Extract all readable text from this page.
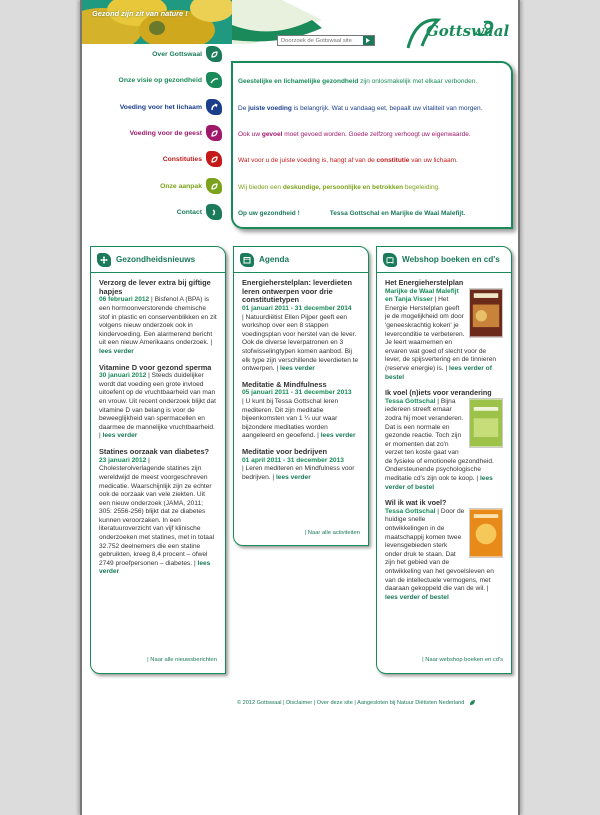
Gezond zijn zit van nature !
Doorzoek de Gottswaal site
Gottswaal
Over Gottswaal
Onze visie op gezondheid
Voeding voor het lichaam
Voeding voor de geest
Constituties
Onze aanpak
Contact
Geestelijke en lichamelijke gezondheid zijn onlosmakelijk met elkaar verbonden.
De juiste voeding is belangrijk. Wat u vandaag eet, bepaalt uw vitaliteit van morgen.
Ook uw gevoel moet gevoed worden. Goede zelfzorg verhoogt uw eigenwaarde.
Wat voor u de juiste voeding is, hangt af van de constitutie van uw lichaam.
Wij bieden een deskundige, persoonlijke en betrokken begeleiding.
Op uw gezondheid !	Tessa Gottschal en Marijke de Waal Malefijt.
Gezondheidsnieuws
Verzorg de lever extra bij giftige hapjes
06 februari 2012 | Bisfenol A (BPA) is een hormoonverstorende chemische stof in plastic en conservenblikken en zit volgens nieuw onderzoek ook in kindervoeding. Een alarmerend bericht uit een nieuw Amerikaans onderzoek. | lees verder
Vitamine D voor gezond sperma
30 januari 2012 | Steeds duidelijker wordt dat voeding een grote invloed uitoefent op de vruchtbaarheid van man en vrouw. Uit recent onderzoek blijkt dat vitamine D van belang is voor de beweeglijkheid van spermacellen en daarmee de mannelijke vruchtbaarheid. | lees verder
Statines oorzaak van diabetes?
23 januari 2012 | Cholesterolverlagende statines zijn wereldwijd de meest voorgeschreven medicatie. Waarschijnlijk zijn ze echter ook de oorzaak van vele ziekten. Uit een nieuw onderzoek (JAMA, 2011; 305: 2556-256) blijkt dat ze diabetes kunnen veroorzaken. In een literatuuroverzicht van vijf klinische onderzoeken met statines, met in totaal 32.752 deelnemers die een statine gebruikten, kreeg 8,4 procent – ofwel 2749 proefpersonen – diabetes. | lees verder
| Naar alle nieuwsberichten
Agenda
Energieherstelplan: leverdieten leren ontwerpen voor drie constitutietypen
01 januari 2011 - 31 december 2014
| Natuurdiëtist Ellen Pijper geeft een workshop over een 8 stappen voedingsplan voor herstel van de lever. Ook de diverse leverpatronen en 3 stofwisselingtypen komen aanbod. Bij elk type zijn verschillende leverdieten te ontwerpen. | lees verder
Meditatie & Mindfulness
05 januari 2011 - 31 december 2013
| U kunt bij Tessa Gottschal leren mediteren. Dit zijn meditatie bijeenkomsten van 1 ¼ uur waar bijzondere meditaties worden aangeleerd en geoefend. | lees verder
Meditatie voor bedrijven
01 april 2011 - 31 december 2013
| Leren mediteren en Mindfulness voor bedrijven. | lees verder
| Naar alle activiteiten
Webshop boeken en cd's
Het Energieherstelplan
Marijke de Waal Malefijt en Tanja Visser | Het Energie Herstelplan geeft je de mogelijkheid om door 'geneeskrachtig koken' je leverconditie te verbeteren. Je leert waarnemen en ervaren wat goed of slecht voor de lever, de spijsvertering en de tinnieren (reserve energie) is. | lees verder of bestel
Ik voel (n)iets voor verandering
Tessa Gottschal | Bijna iedereen streeft ernaar zodra hij moet veranderen. Dat is een normale en gezonde reactie. Toch zijn er momenten dat zo'n verzet ten koste gaat van de fysieke of emotionele gezondheid. Ondersteunende psychologische meditatie cd's zijn ook te koop. | lees verder of bestel
Wil ik wat ik voel?
Tessa Gottschal | Door de huidige snelle ontwikkelingen in de maatschappij komen twee levensgebieden sterk onder druk te staan. Dat zijn het gebied van de ontwikkeling van het gevoelsleven en van de intellectuele vermogens, met daaraan gekoppeld die van de wil. | lees verder of bestel
| Naar webshop boeken en cd's
© 2012 Gottswaal | Disclaimer | Over deze site | Aangesloten bij Natuur Diëtisten Nederland
